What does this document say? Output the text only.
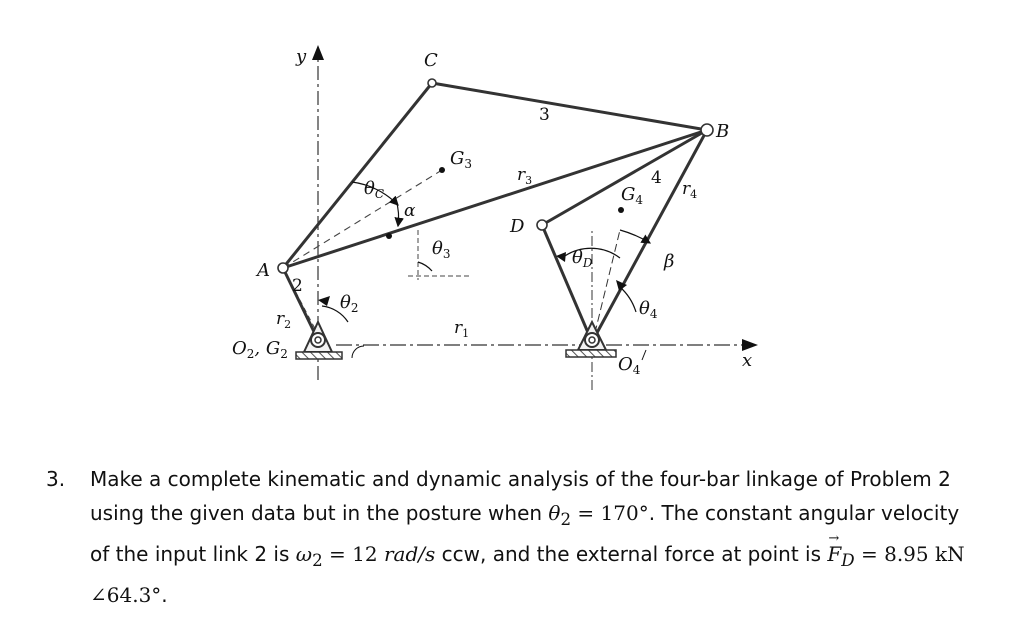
y
x
C
B
A
D
2
3
4
$r_1$
$r_2$
$r_3$	$r_4$
$G_3$
$G_4$
$O_2$, $G_2$	$O_4$
$\theta_C$
α
$\theta_3$
$\theta_2$
$\theta_D$	β
$\theta_4$
3. Make a complete kinematic and dynamic analysis of the four-bar linkage of Problem 2 using the given data but in the posture when $\theta_2 = 170^\circ$. The constant angular velocity of the input link 2 is $\omega_2 = 12$ rad/s ccw, and the external force at point is → $F_D = 8.95$ kN ∠64.3°.
